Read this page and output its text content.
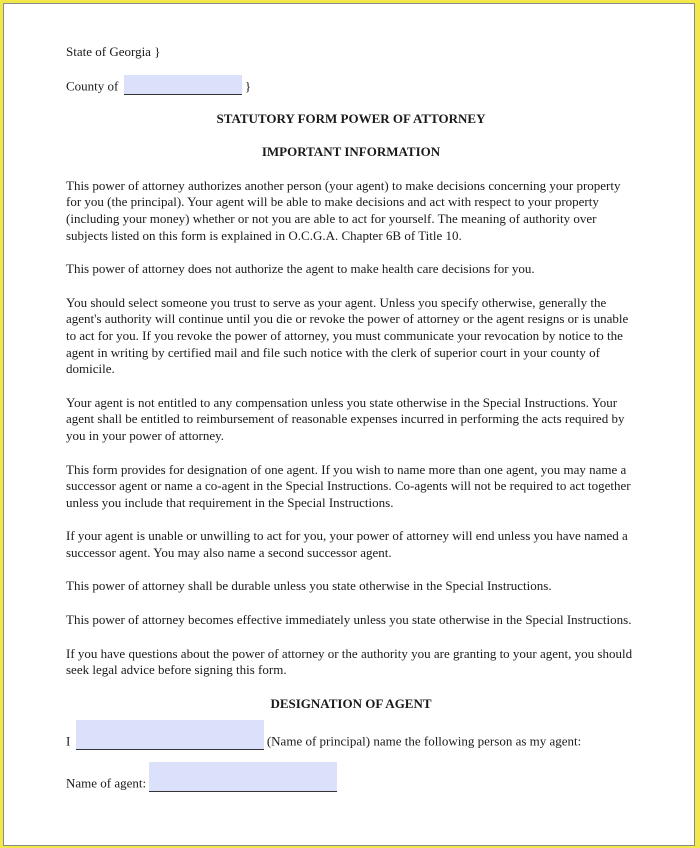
State of Georgia }
County of	}
STATUTORY FORM POWER OF ATTORNEY
IMPORTANT INFORMATION

This power of attorney authorizes another person (your agent) to make decisions concerning your property for you (the principal). Your agent will be able to make decisions and act with respect to your property (including your money) whether or not you are able to act for yourself. The meaning of authority over subjects listed on this form is explained in O.C.G.A. Chapter 6B of Title 10.

This power of attorney does not authorize the agent to make health care decisions for you.

You should select someone you trust to serve as your agent. Unless you specify otherwise, generally the agent's authority will continue until you die or revoke the power of attorney or the agent resigns or is unable to act for you. If you revoke the power of attorney, you must communicate your revocation by notice to the agent in writing by certified mail and file such notice with the clerk of superior court in your county of domicile.

Your agent is not entitled to any compensation unless you state otherwise in the Special Instructions. Your agent shall be entitled to reimbursement of reasonable expenses incurred in performing the acts required by you in your power of attorney.

This form provides for designation of one agent. If you wish to name more than one agent, you may name a successor agent or name a co-agent in the Special Instructions. Co-agents will not be required to act together unless you include that requirement in the Special Instructions.

If your agent is unable or unwilling to act for you, your power of attorney will end unless you have named a successor agent. You may also name a second successor agent.

This power of attorney shall be durable unless you state otherwise in the Special Instructions.

This power of attorney becomes effective immediately unless you state otherwise in the Special Instructions.

If you have questions about the power of attorney or the authority you are granting to your agent, you should seek legal advice before signing this form.

DESIGNATION OF AGENT
I	(Name of principal) name the following person as my agent:
Name of agent:
